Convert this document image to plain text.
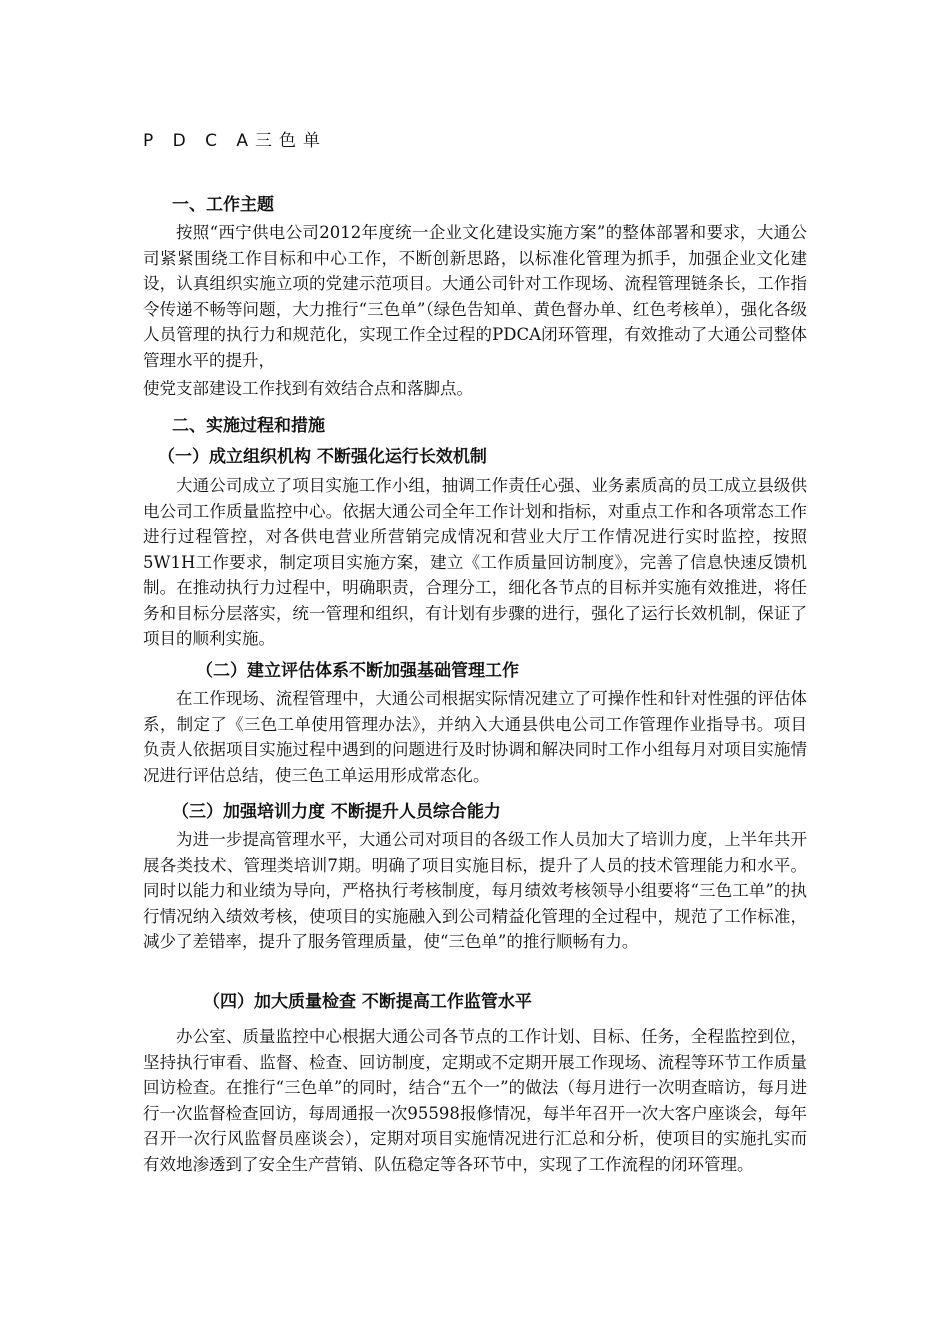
P D C A三色单
一、工作主题

按照“西宁供电公司2012年度统一企业文化建设实施方案”的整体部署和要求，大通公司紧紧围绕工作目标和中心工作，不断创新思路，以标准化管理为抓手，加强企业文化建设，认真组织实施立项的党建示范项目。大通公司针对工作现场、流程管理链条长，工作指令传递不畅等问题，大力推行“三色单”（绿色告知单、黄色督办单、红色考核单），强化各级人员管理的执行力和规范化，实现工作全过程的PDCA闭环管理，有效推动了大通公司整体管理水平的提升，

使党支部建设工作找到有效结合点和落脚点。

二、实施过程和措施
（一）成立组织机构 不断强化运行长效机制

大通公司成立了项目实施工作小组，抽调工作责任心强、业务素质高的员工成立县级供电公司工作质量监控中心。依据大通公司全年工作计划和指标，对重点工作和各项常态工作进行过程管控，对各供电营业所营销完成情况和营业大厅工作情况进行实时监控，按照5W1H工作要求，制定项目实施方案，建立《工作质量回访制度》，完善了信息快速反馈机制。在推动执行力过程中，明确职责，合理分工，细化各节点的目标并实施有效推进，将任务和目标分层落实，统一管理和组织，有计划有步骤的进行，强化了运行长效机制，保证了项目的顺利实施。

（二）建立评估体系不断加强基础管理工作

在工作现场、流程管理中，大通公司根据实际情况建立了可操作性和针对性强的评估体系，制定了《三色工单使用管理办法》，并纳入大通县供电公司工作管理作业指导书。项目负责人依据项目实施过程中遇到的问题进行及时协调和解决同时工作小组每月对项目实施情况进行评估总结，使三色工单运用形成常态化。

（三）加强培训力度 不断提升人员综合能力

为进一步提高管理水平，大通公司对项目的各级工作人员加大了培训力度，上半年共开展各类技术、管理类培训7期。明确了项目实施目标，提升了人员的技术管理能力和水平。同时以能力和业绩为导向，严格执行考核制度，每月绩效考核领导小组要将“三色工单”的执行情况纳入绩效考核，使项目的实施融入到公司精益化管理的全过程中，规范了工作标准，减少了差错率，提升了服务管理质量，使“三色单”的推行顺畅有力。

（四）加大质量检查 不断提高工作监管水平

办公室、质量监控中心根据大通公司各节点的工作计划、目标、任务，全程监控到位，坚持执行审看、监督、检查、回访制度，定期或不定期开展工作现场、流程等环节工作质量回访检查。在推行“三色单”的同时，结合“五个一”的做法（每月进行一次明查暗访，每月进行一次监督检查回访，每周通报一次95598报修情况，每半年召开一次大客户座谈会，每年召开一次行风监督员座谈会），定期对项目实施情况进行汇总和分析，使项目的实施扎实而有效地渗透到了安全生产营销、队伍稳定等各环节中，实现了工作流程的闭环管理。
